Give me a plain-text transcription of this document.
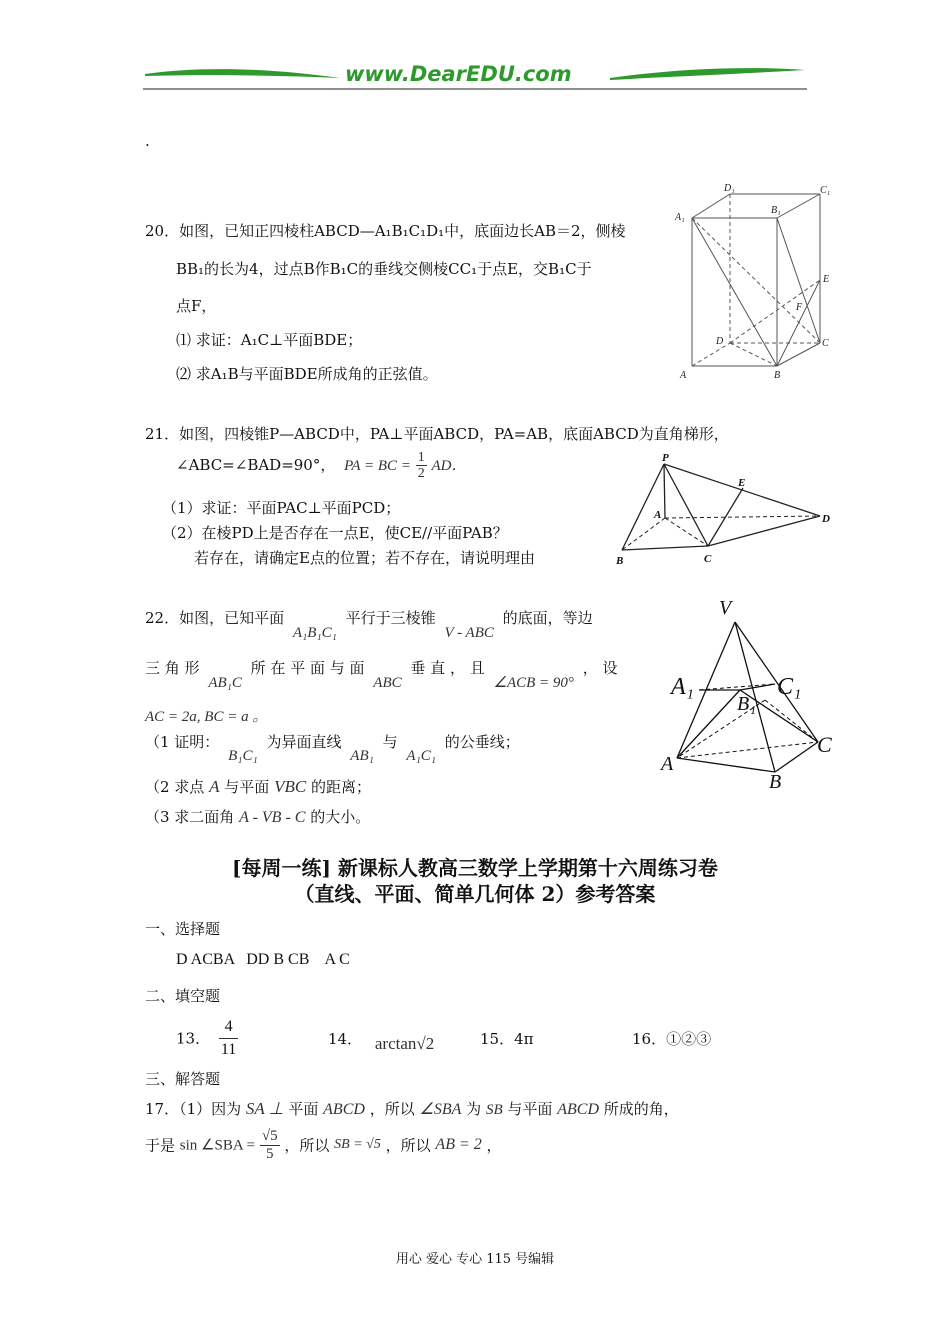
www.DearEDU.com
.
20．如图，已知正四棱柱ABCD—A₁B₁C₁D₁中，底面边长AB＝2，侧棱
BB₁的长为4，过点B作B₁C的垂线交侧棱CC₁于点E，交B₁C于
点F，
⑴ 求证：A₁C⊥平面BDE；
⑵ 求A₁B与平面BDE所成角的正弦值。
D₁	C₁
A₁
B₁
E
F
D	C
A	B
21．如图，四棱锥P—ABCD中，PA⊥平面ABCD，PA=AB，底面ABCD为直角梯形，
∠ABC=∠BAD=90°， PA = BC = $\frac{1}{2}$ AD．
（1）求证：平面PAC⊥平面PCD；
（2）在棱PD上是否存在一点E，使CE//平面PAB？
若存在，请确定E点的位置；若不存在，请说明理由
P
E
A	D
B	C
22．如图，已知平面 A₁B₁C₁ 平行于三棱锥 V - ABC 的底面，等边
三 角 形 AB₁C 所 在 平 面 与 面 ABC 垂 直 ， 且 ∠ACB = 90° ， 设
AC = 2a, BC = a 。
（1 证明： B₁C₁ 为异面直线 AB₁ 与 A₁C₁ 的公垂线；
（2 求点 A 与平面 VBC 的距离；
（3 求二面角 A - VB - C 的大小。
V
A₁	C₁
B₁
C
A
B
[每周一练] 新课标人教高三数学上学期第十六周练习卷
（直线、平面、简单几何体 2）参考答案
一、选择题
D ACBA   DD B CB    A C
二、填空题
13． $\frac{4}{11}$	14． arctan√2	15．4π	16．①②③
三、解答题
17．（1）因为 SA ⊥ 平面 ABCD ，所以 ∠SBA 为 SB 与平面 ABCD 所成的角，
于是 sin ∠SBA = $\frac{√5}{5}$ ，所以 SB = √5 ，所以 AB = 2 ，
用心 爱心 专心 115 号编辑
